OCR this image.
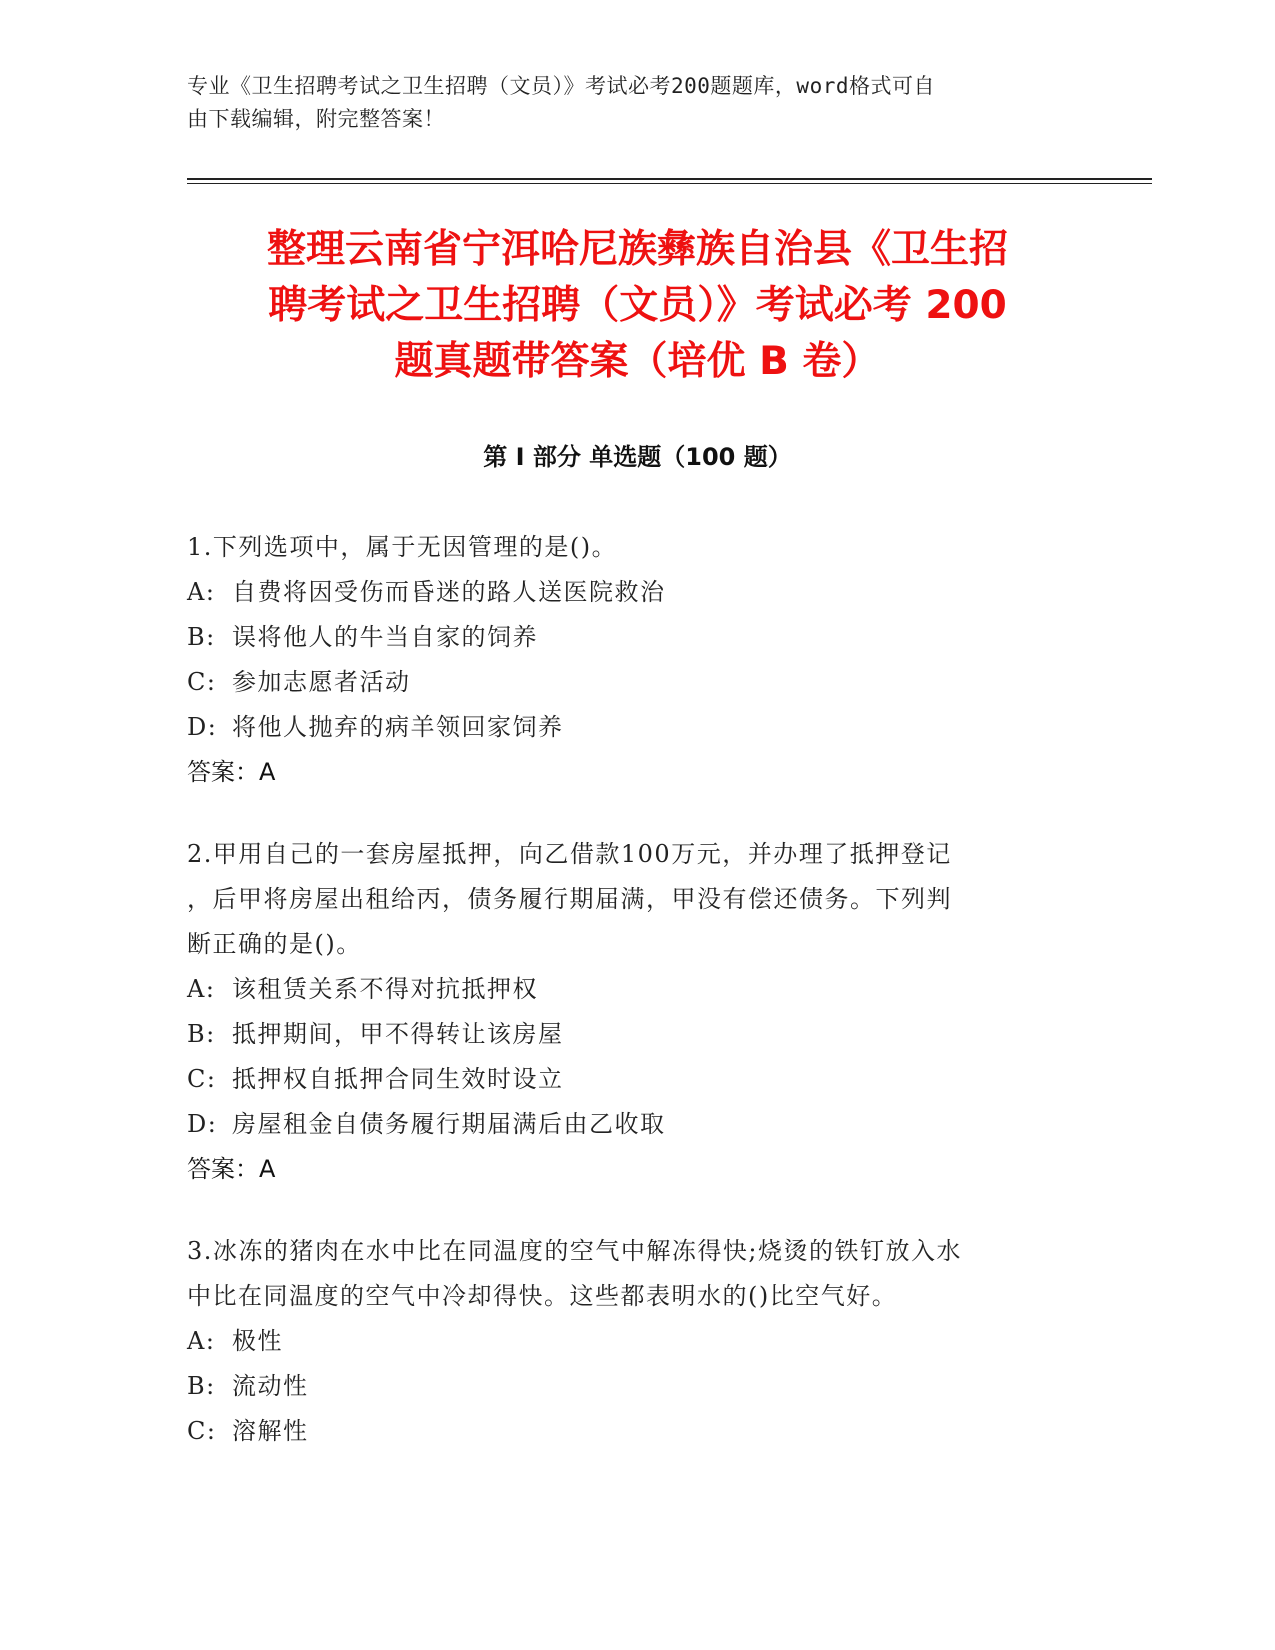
专业《卫生招聘考试之卫生招聘（文员）》考试必考200题题库，word格式可自
由下载编辑，附完整答案！
整理云南省宁洱哈尼族彝族自治县《卫生招
聘考试之卫生招聘（文员）》考试必考 200
题真题带答案（培优 B 卷）
第 I 部分 单选题（100 题）
1.下列选项中，属于无因管理的是()。
A: 自费将因受伤而昏迷的路人送医院救治
B: 误将他人的牛当自家的饲养
C: 参加志愿者活动
D: 将他人抛弃的病羊领回家饲养
答案：A
2.甲用自己的一套房屋抵押，向乙借款100万元，并办理了抵押登记
，后甲将房屋出租给丙，债务履行期届满，甲没有偿还债务。下列判
断正确的是()。
A: 该租赁关系不得对抗抵押权
B: 抵押期间，甲不得转让该房屋
C: 抵押权自抵押合同生效时设立
D: 房屋租金自债务履行期届满后由乙收取
答案：A
3.冰冻的猪肉在水中比在同温度的空气中解冻得快;烧烫的铁钉放入水
中比在同温度的空气中冷却得快。这些都表明水的()比空气好。
A: 极性
B: 流动性
C: 溶解性
